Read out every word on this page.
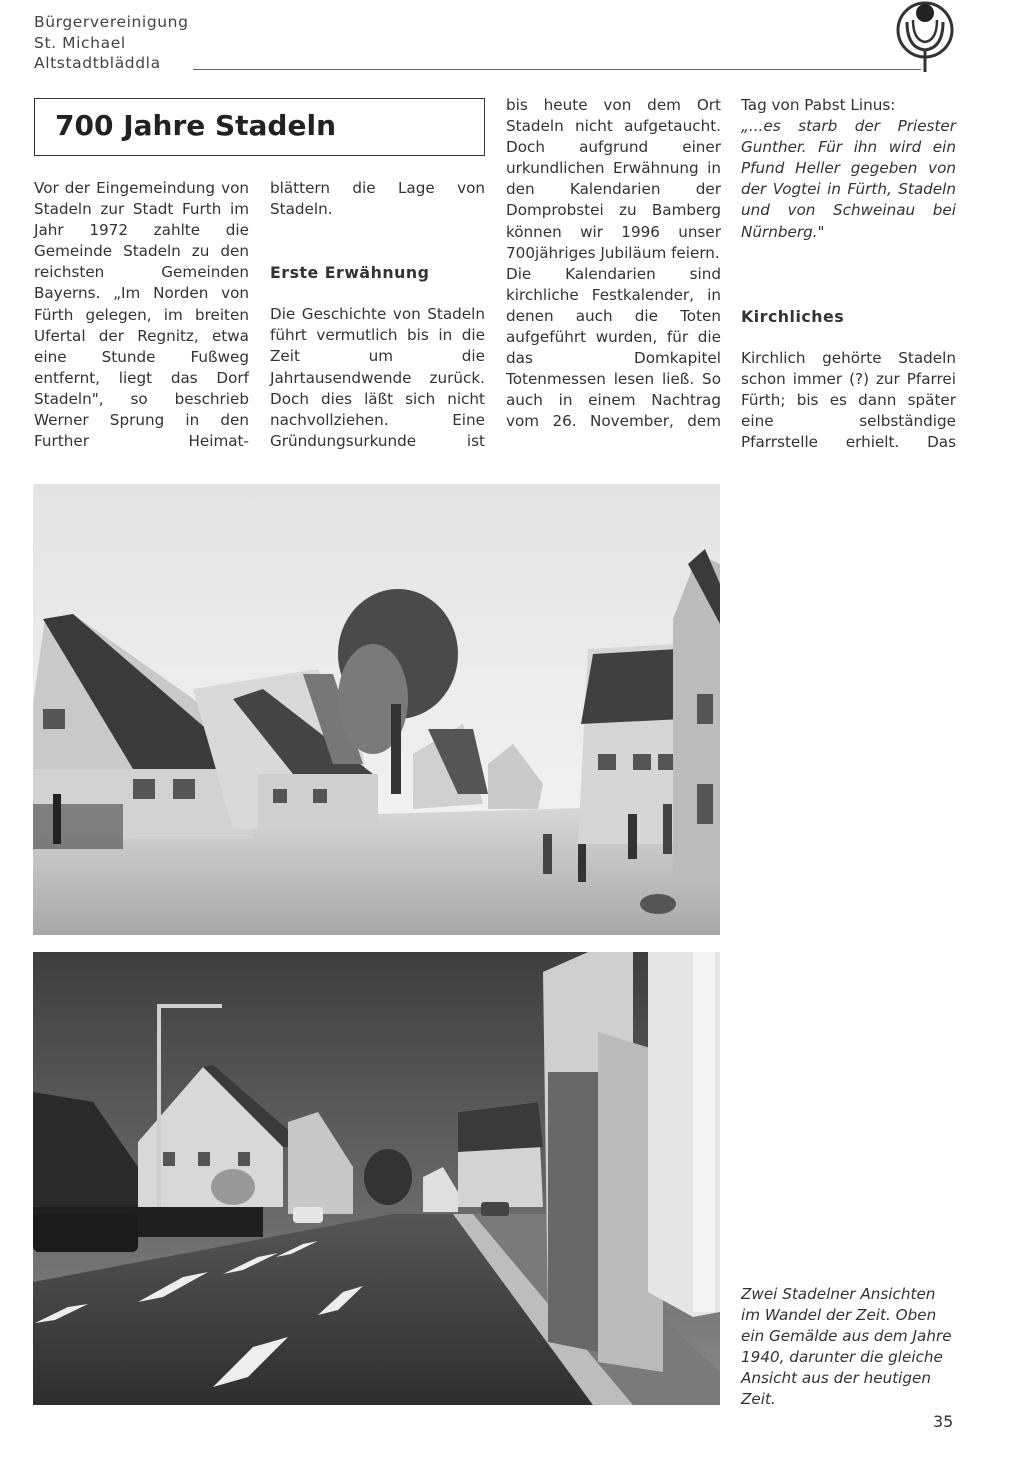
Bürgervereinigung
St. Michael
Altstadtbläddla
700 Jahre Stadeln

Vor der Eingemeindung von Stadeln zur Stadt Furth im Jahr 1972 zahlte die Gemeinde Stadeln zu den reichsten Gemeinden Bayerns. „Im Norden von Fürth gelegen, im breiten Ufertal der Regnitz, etwa eine Stunde Fußweg entfernt, liegt das Dorf Stadeln", so beschrieb Werner Sprung in den Further Heimat-

blättern die Lage von Stadeln.

Erste Erwähnung

Die Geschichte von Stadeln führt vermutlich bis in die Zeit um die Jahrtausendwende zurück. Doch dies läßt sich nicht nachvollziehen. Eine Gründungsurkunde ist

bis heute von dem Ort Stadeln nicht aufgetaucht. Doch aufgrund einer urkundlichen Erwähnung in den Kalendarien der Domprobstei zu Bamberg können wir 1996 unser 700jähriges Jubiläum feiern.

Die Kalendarien sind kirchliche Festkalender, in denen auch die Toten aufgeführt wurden, für die das Domkapitel Totenmessen lesen ließ. So auch in einem Nachtrag vom 26. November, dem

Tag von Pabst Linus:

„...es starb der Priester Gunther. Für ihn wird ein Pfund Heller gegeben von der Vogtei in Fürth, Stadeln und von Schweinau bei Nürnberg."

Kirchliches

Kirchlich gehörte Stadeln schon immer (?) zur Pfarrei Fürth; bis es dann später eine selbständige Pfarrstelle erhielt. Das

Zwei Stadelner Ansichten im Wandel der Zeit. Oben ein Gemälde aus dem Jahre 1940, darunter die gleiche Ansicht aus der heutigen Zeit.
35
